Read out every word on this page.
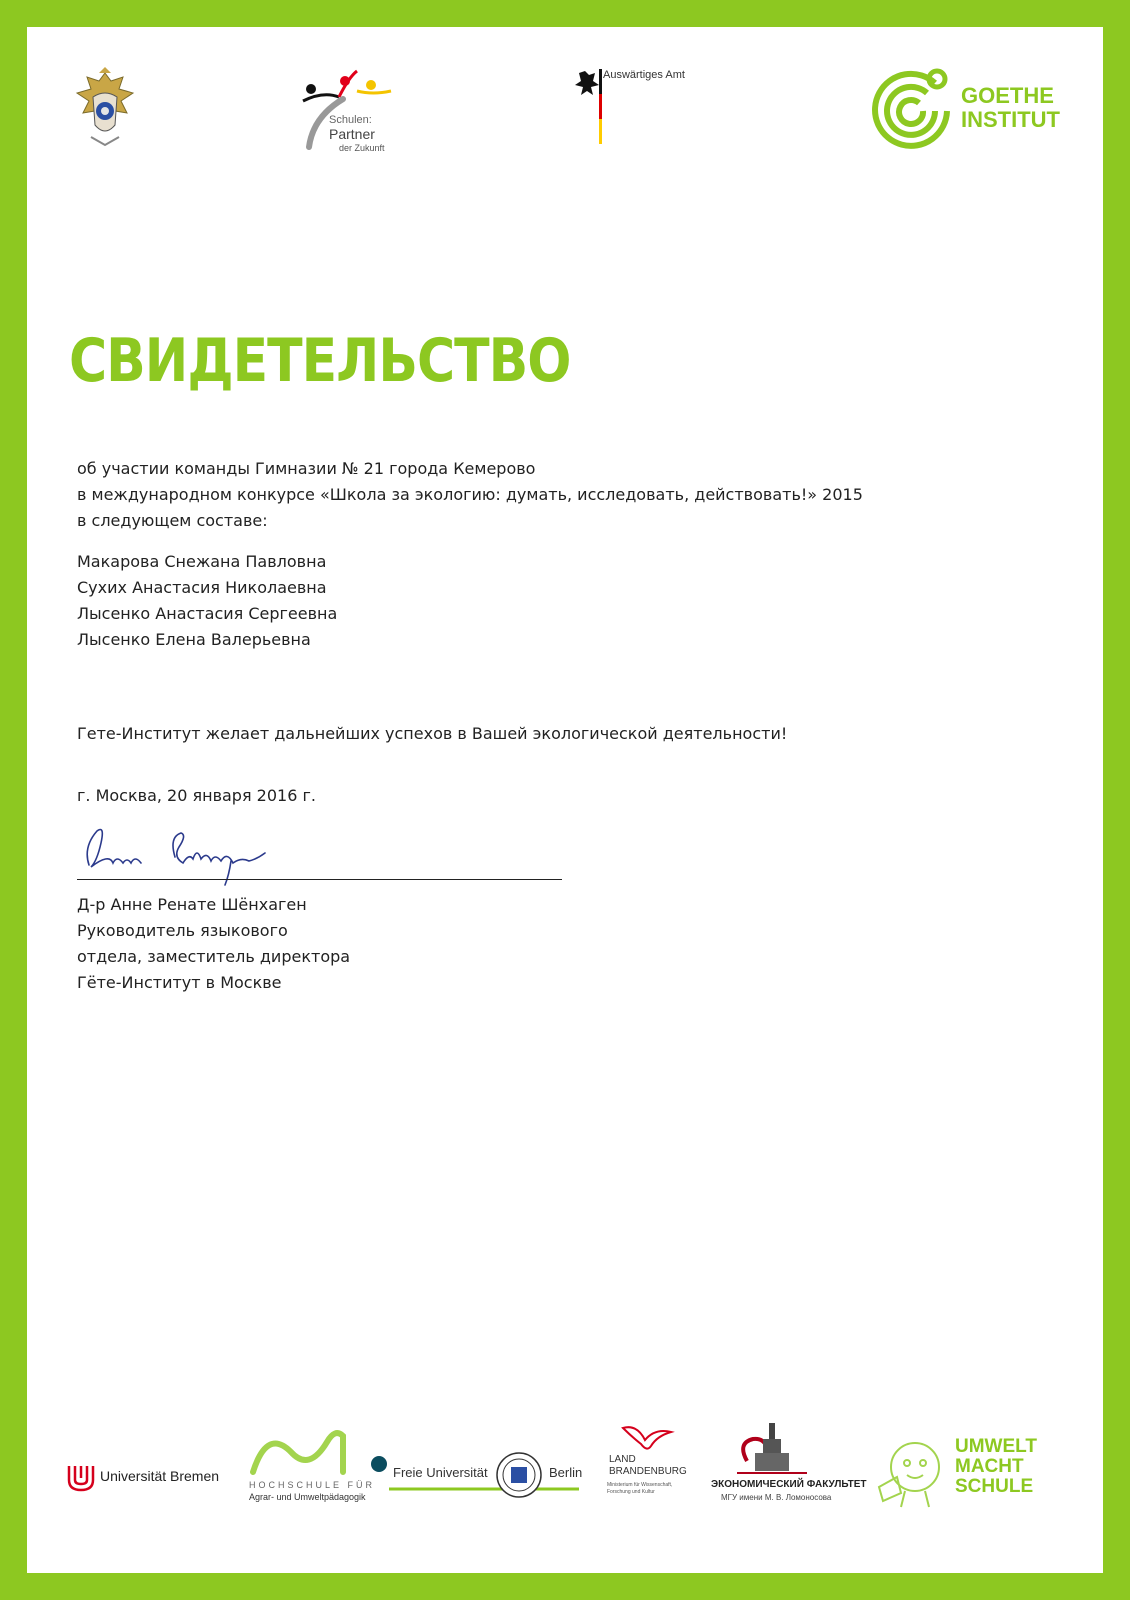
Schulen:
Partner
der Zukunft
Auswärtiges Amt
GOETHE
INSTITUT
СВИДЕТЕЛЬСТВО
об участии команды Гимназии № 21 города Кемерово
в международном конкурсе «Школа за экологию: думать, исследовать, действовать!» 2015
в следующем составе:
Макарова Снежана Павловна
Сухих Анастасия Николаевна
Лысенко Анастасия Сергеевна
Лысенко Елена Валерьевна
Гете-Институт желает дальнейших успехов в Вашей экологической деятельности!
г. Москва, 20 января 2016 г.
Д-р Анне Ренате Шёнхаген
Руководитель языкового
отдела, заместитель директора
Гёте-Институт в Москве
Universität Bremen
HOCHSCHULE FÜR
Agrar- und Umweltpädagogik
Freie Universität	Berlin
LAND
BRANDENBURG
Ministerium für Wissenschaft, Forschung und Kultur
ЭКОНОМИЧЕСКИЙ ФАКУЛЬТЕТ
МГУ имени М. В. Ломоносова
UMWELT
MACHT
SCHULE
